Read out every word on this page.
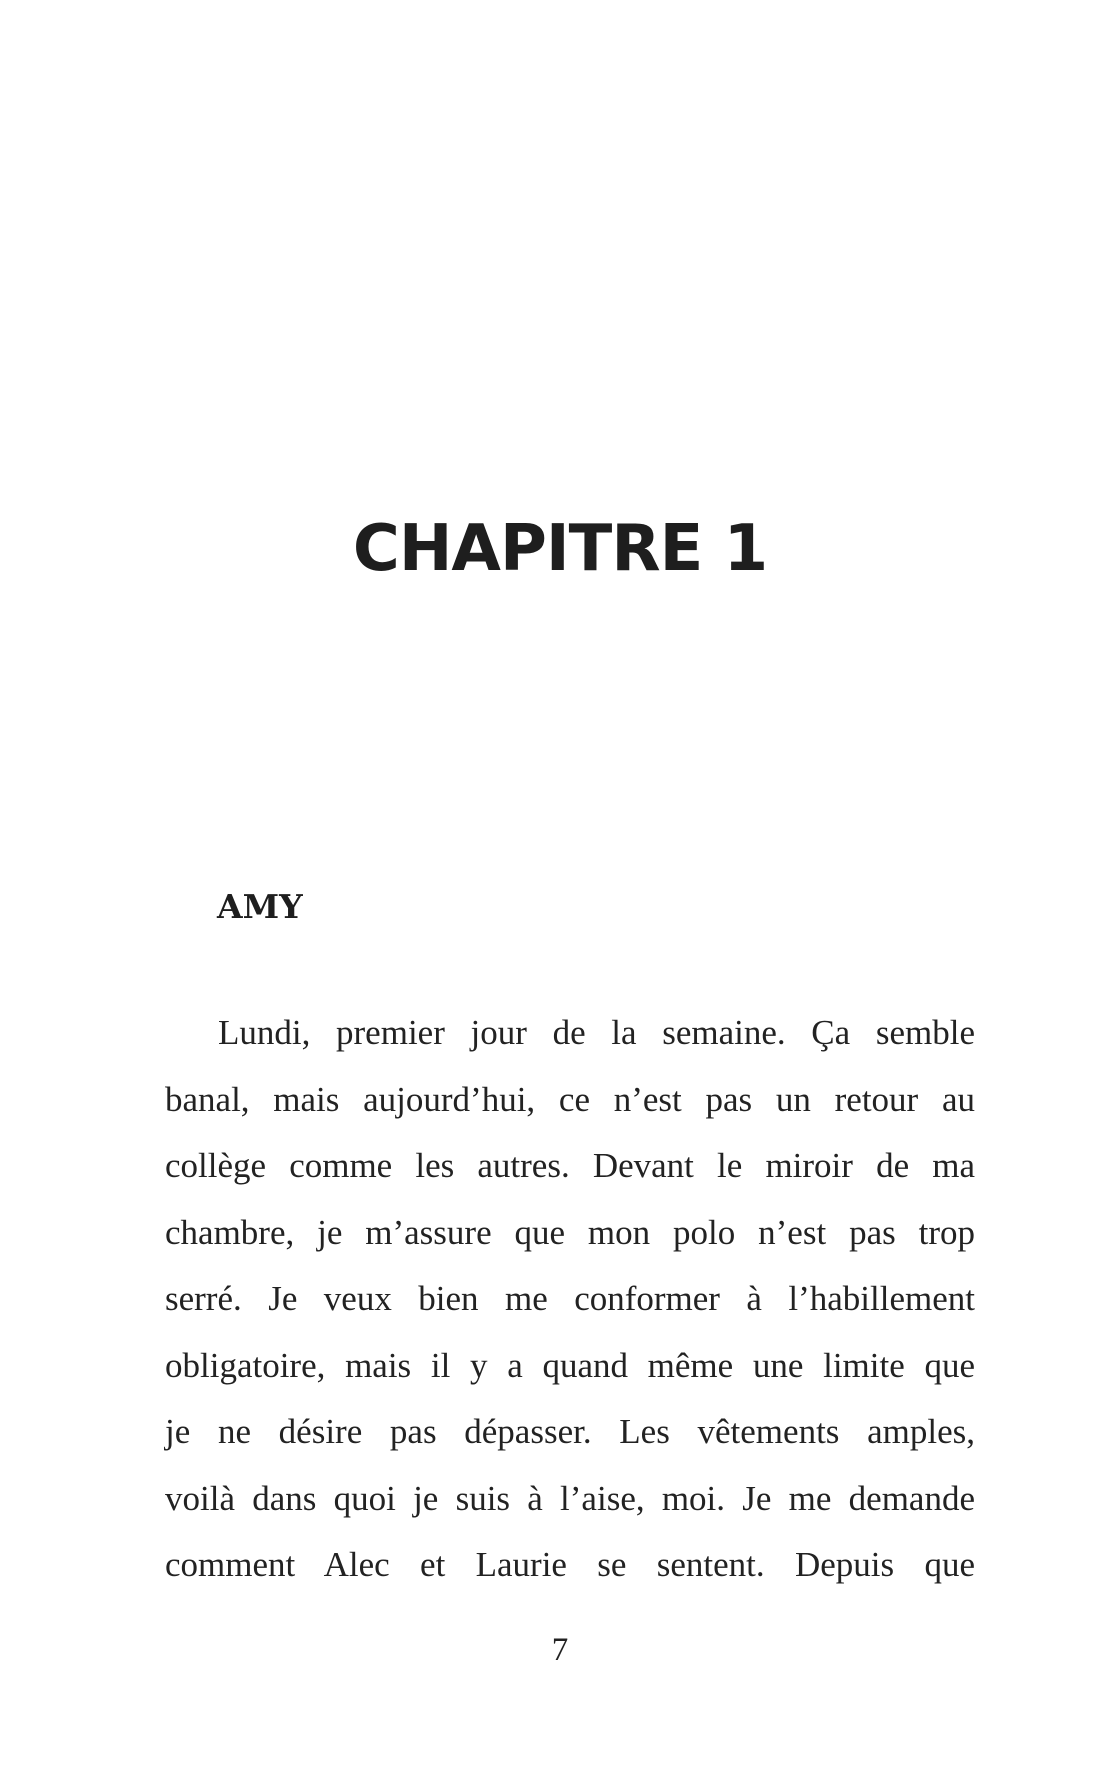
CHAPITRE 1
AMY
Lundi, premier jour de la semaine. Ça semble
banal, mais aujourd’hui, ce n’est pas un retour au
collège comme les autres. Devant le miroir de ma
chambre, je m’assure que mon polo n’est pas trop
serré. Je veux bien me conformer à l’habillement
obligatoire, mais il y a quand même une limite que
je ne désire pas dépasser. Les vêtements amples,
voilà dans quoi je suis à l’aise, moi. Je me demande
comment Alec et Laurie se sentent. Depuis que
7
